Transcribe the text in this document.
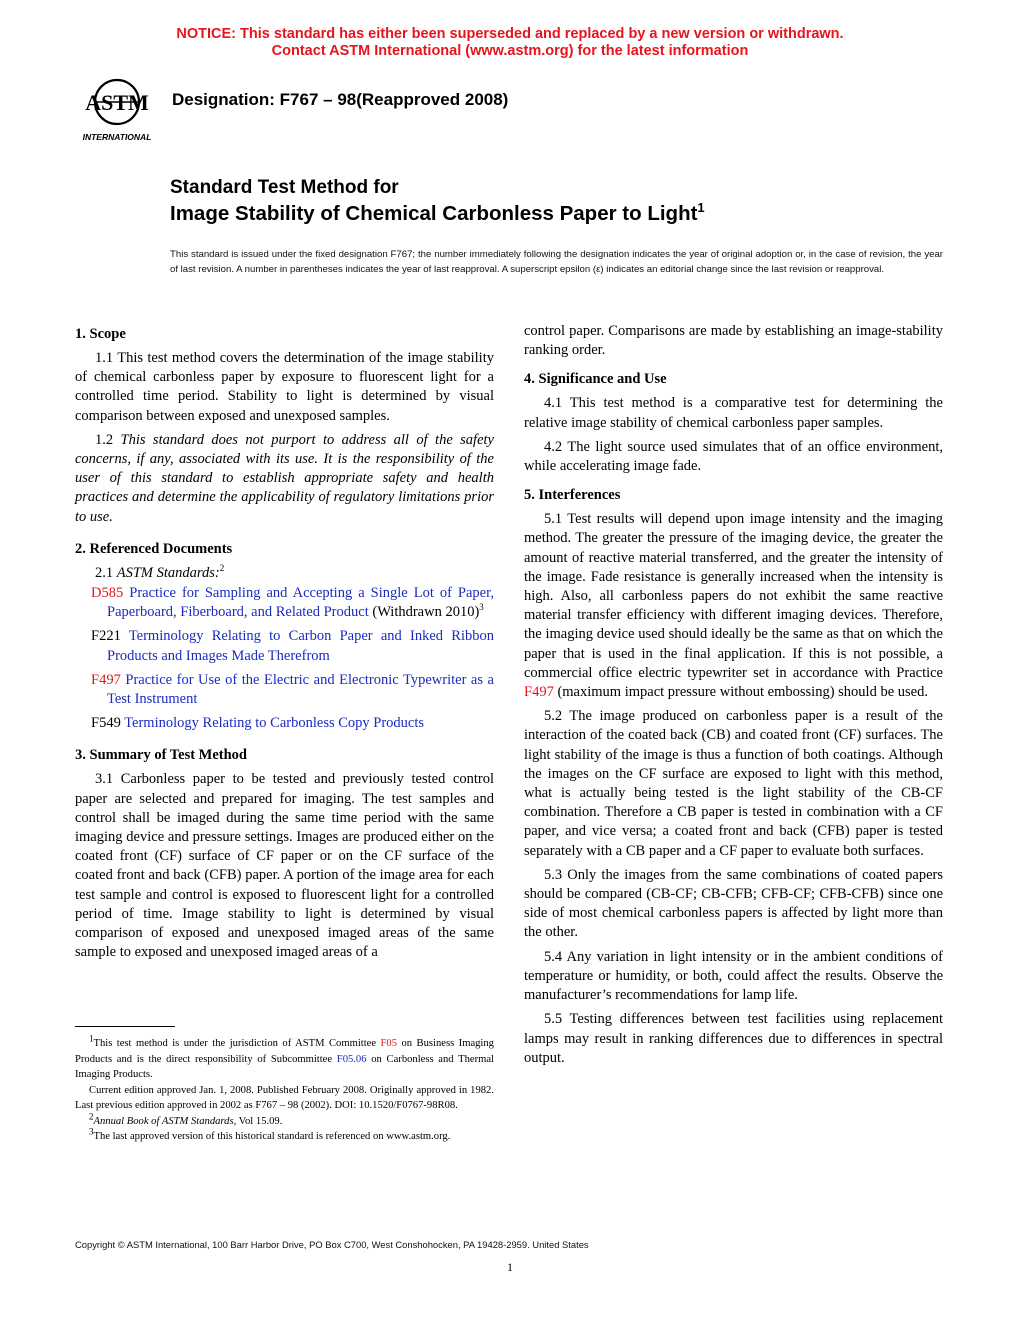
NOTICE: This standard has either been superseded and replaced by a new version or withdrawn.
Contact ASTM International (www.astm.org) for the latest information
ASTM
INTERNATIONAL
Designation: F767 – 98(Reapproved 2008)
Standard Test Method for
Image Stability of Chemical Carbonless Paper to Light$^1$
This standard is issued under the fixed designation F767; the number immediately following the designation indicates the year of original adoption or, in the case of revision, the year of last revision. A number in parentheses indicates the year of last reapproval. A superscript epsilon (ε) indicates an editorial change since the last revision or reapproval.
1. Scope

1.1 This test method covers the determination of the image stability of chemical carbonless paper by exposure to fluorescent light for a controlled time period. Stability to light is determined by visual comparison between exposed and unexposed samples.

1.2 This standard does not purport to address all of the safety concerns, if any, associated with its use. It is the responsibility of the user of this standard to establish appropriate safety and health practices and determine the applicability of regulatory limitations prior to use.

2. Referenced Documents

2.1 ASTM Standards:$^2$

D585 Practice for Sampling and Accepting a Single Lot of Paper, Paperboard, Fiberboard, and Related Product (Withdrawn 2010)$^3$

F221 Terminology Relating to Carbon Paper and Inked Ribbon Products and Images Made Therefrom

F497 Practice for Use of the Electric and Electronic Typewriter as a Test Instrument

F549 Terminology Relating to Carbonless Copy Products

3. Summary of Test Method

3.1 Carbonless paper to be tested and previously tested control paper are selected and prepared for imaging. The test samples and control shall be imaged during the same time period with the same imaging device and pressure settings. Images are produced either on the coated front (CF) surface of CF paper or on the CF surface of the coated front and back (CFB) paper. A portion of the image area for each test sample and control is exposed to fluorescent light for a controlled period of time. Image stability to light is determined by visual comparison of exposed and unexposed imaged areas of the same sample to exposed and unexposed imaged areas of a

control paper. Comparisons are made by establishing an image-stability ranking order.

4. Significance and Use

4.1 This test method is a comparative test for determining the relative image stability of chemical carbonless paper samples.

4.2 The light source used simulates that of an office environment, while accelerating image fade.

5. Interferences

5.1 Test results will depend upon image intensity and the imaging method. The greater the pressure of the imaging device, the greater the amount of reactive material transferred, and the greater the intensity of the image. Fade resistance is generally increased when the intensity is high. Also, all carbonless papers do not exhibit the same reactive material transfer efficiency with different imaging devices. Therefore, the imaging device used should ideally be the same as that on which the paper that is used in the final application. If this is not possible, a commercial office electric typewriter set in accordance with Practice F497 (maximum impact pressure without embossing) should be used.

5.2 The image produced on carbonless paper is a result of the interaction of the coated back (CB) and coated front (CF) surfaces. The light stability of the image is thus a function of both coatings. Although the images on the CF surface are exposed to light with this method, what is actually being tested is the light stability of the CB-CF combination. Therefore a CB paper is tested in combination with a CF paper, and vice versa; a coated front and back (CFB) paper is tested separately with a CB paper and a CF paper to evaluate both surfaces.

5.3 Only the images from the same combinations of coated papers should be compared (CB-CF; CB-CFB; CFB-CF; CFB-CFB) since one side of most chemical carbonless papers is affected by light more than the other.

5.4 Any variation in light intensity or in the ambient conditions of temperature or humidity, or both, could affect the results. Observe the manufacturer’s recommendations for lamp life.

5.5 Testing differences between test facilities using replacement lamps may result in ranking differences due to differences in spectral output.

$^1$This test method is under the jurisdiction of ASTM Committee F05 on Business Imaging Products and is the direct responsibility of Subcommittee F05.06 on Carbonless and Thermal Imaging Products.

Current edition approved Jan. 1, 2008. Published February 2008. Originally approved in 1982. Last previous edition approved in 2002 as F767 – 98 (2002). DOI: 10.1520/F0767-98R08.

$^2$Annual Book of ASTM Standards, Vol 15.09.

$^3$The last approved version of this historical standard is referenced on www.astm.org.

Copyright © ASTM International, 100 Barr Harbor Drive, PO Box C700, West Conshohocken, PA 19428-2959. United States
1
